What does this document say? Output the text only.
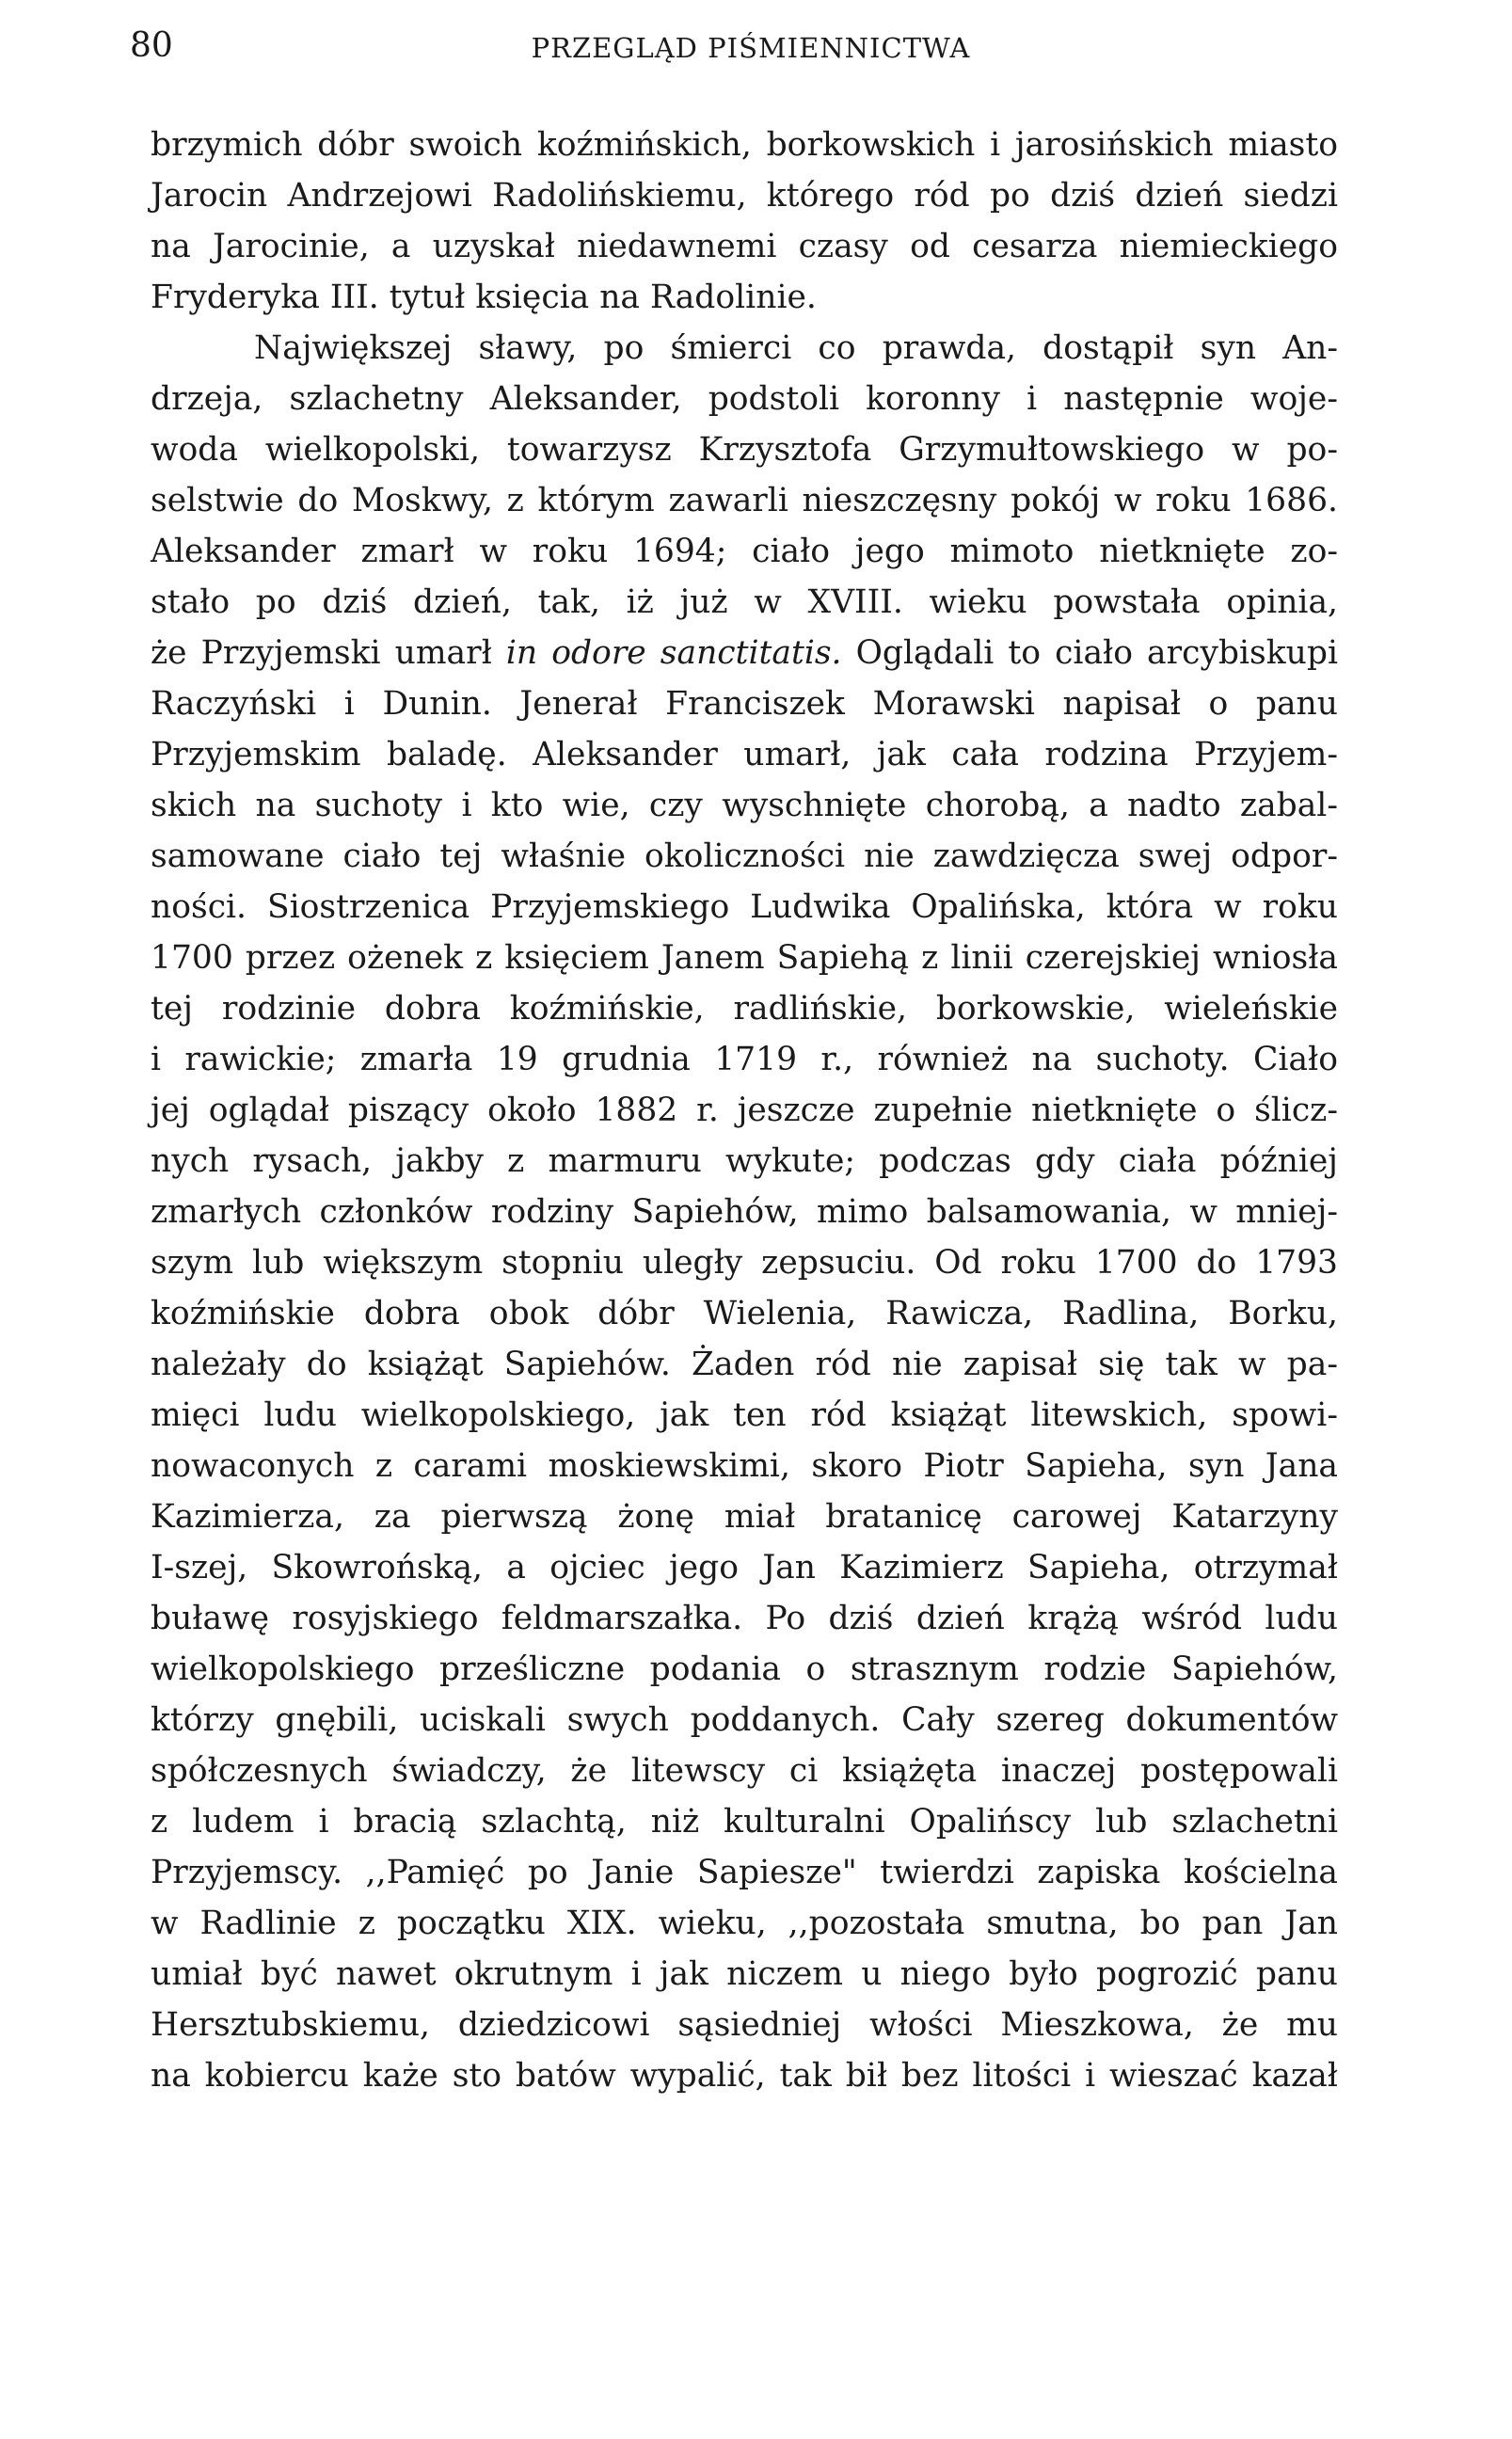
80	PRZEGLĄD PIŚMIENNICTWA
brzymich dóbr swoich koźmińskich, borkowskich i jarosińskich miasto
Jarocin Andrzejowi Radolińskiemu, którego ród po dziś dzień siedzi
na Jarocinie, a uzyskał niedawnemi czasy od cesarza niemieckiego
Fryderyka III. tytuł księcia na Radolinie.
Największej sławy, po śmierci co prawda, dostąpił syn An-
drzeja, szlachetny Aleksander, podstoli koronny i następnie woje-
woda wielkopolski, towarzysz Krzysztofa Grzymułtowskiego w po-
selstwie do Moskwy, z którym zawarli nieszczęsny pokój w roku 1686.
Aleksander zmarł w roku 1694; ciało jego mimoto nietknięte zo-
stało po dziś dzień, tak, iż już w XVIII. wieku powstała opinia,
że Przyjemski umarł in odore sanctitatis. Oglądali to ciało arcybiskupi
Raczyński i Dunin. Jenerał Franciszek Morawski napisał o panu
Przyjemskim baladę. Aleksander umarł, jak cała rodzina Przyjem-
skich na suchoty i kto wie, czy wyschnięte chorobą, a nadto zabal-
samowane ciało tej właśnie okoliczności nie zawdzięcza swej odpor-
ności. Siostrzenica Przyjemskiego Ludwika Opalińska, która w roku
1700 przez ożenek z księciem Janem Sapiehą z linii czerejskiej wniosła
tej rodzinie dobra koźmińskie, radlińskie, borkowskie, wieleńskie
i rawickie; zmarła 19 grudnia 1719 r., również na suchoty. Ciało
jej oglądał piszący około 1882 r. jeszcze zupełnie nietknięte o ślicz-
nych rysach, jakby z marmuru wykute; podczas gdy ciała później
zmarłych członków rodziny Sapiehów, mimo balsamowania, w mniej-
szym lub większym stopniu uległy zepsuciu. Od roku 1700 do 1793
koźmińskie dobra obok dóbr Wielenia, Rawicza, Radlina, Borku,
należały do książąt Sapiehów. Żaden ród nie zapisał się tak w pa-
mięci ludu wielkopolskiego, jak ten ród książąt litewskich, spowi-
nowaconych z carami moskiewskimi, skoro Piotr Sapieha, syn Jana
Kazimierza, za pierwszą żonę miał bratanicę carowej Katarzyny
I-szej, Skowrońską, a ojciec jego Jan Kazimierz Sapieha, otrzymał
buławę rosyjskiego feldmarszałka. Po dziś dzień krążą wśród ludu
wielkopolskiego prześliczne podania o strasznym rodzie Sapiehów,
którzy gnębili, uciskali swych poddanych. Cały szereg dokumentów
spółczesnych świadczy, że litewscy ci książęta inaczej postępowali
z ludem i bracią szlachtą, niż kulturalni Opalińscy lub szlachetni
Przyjemscy. ,,Pamięć po Janie Sapiesze" twierdzi zapiska kościelna
w Radlinie z początku XIX. wieku, ,,pozostała smutna, bo pan Jan
umiał być nawet okrutnym i jak niczem u niego było pogrozić panu
Hersztubskiemu, dziedzicowi sąsiedniej włości Mieszkowa, że mu
na kobiercu każe sto batów wypalić, tak bił bez litości i wieszać kazał
